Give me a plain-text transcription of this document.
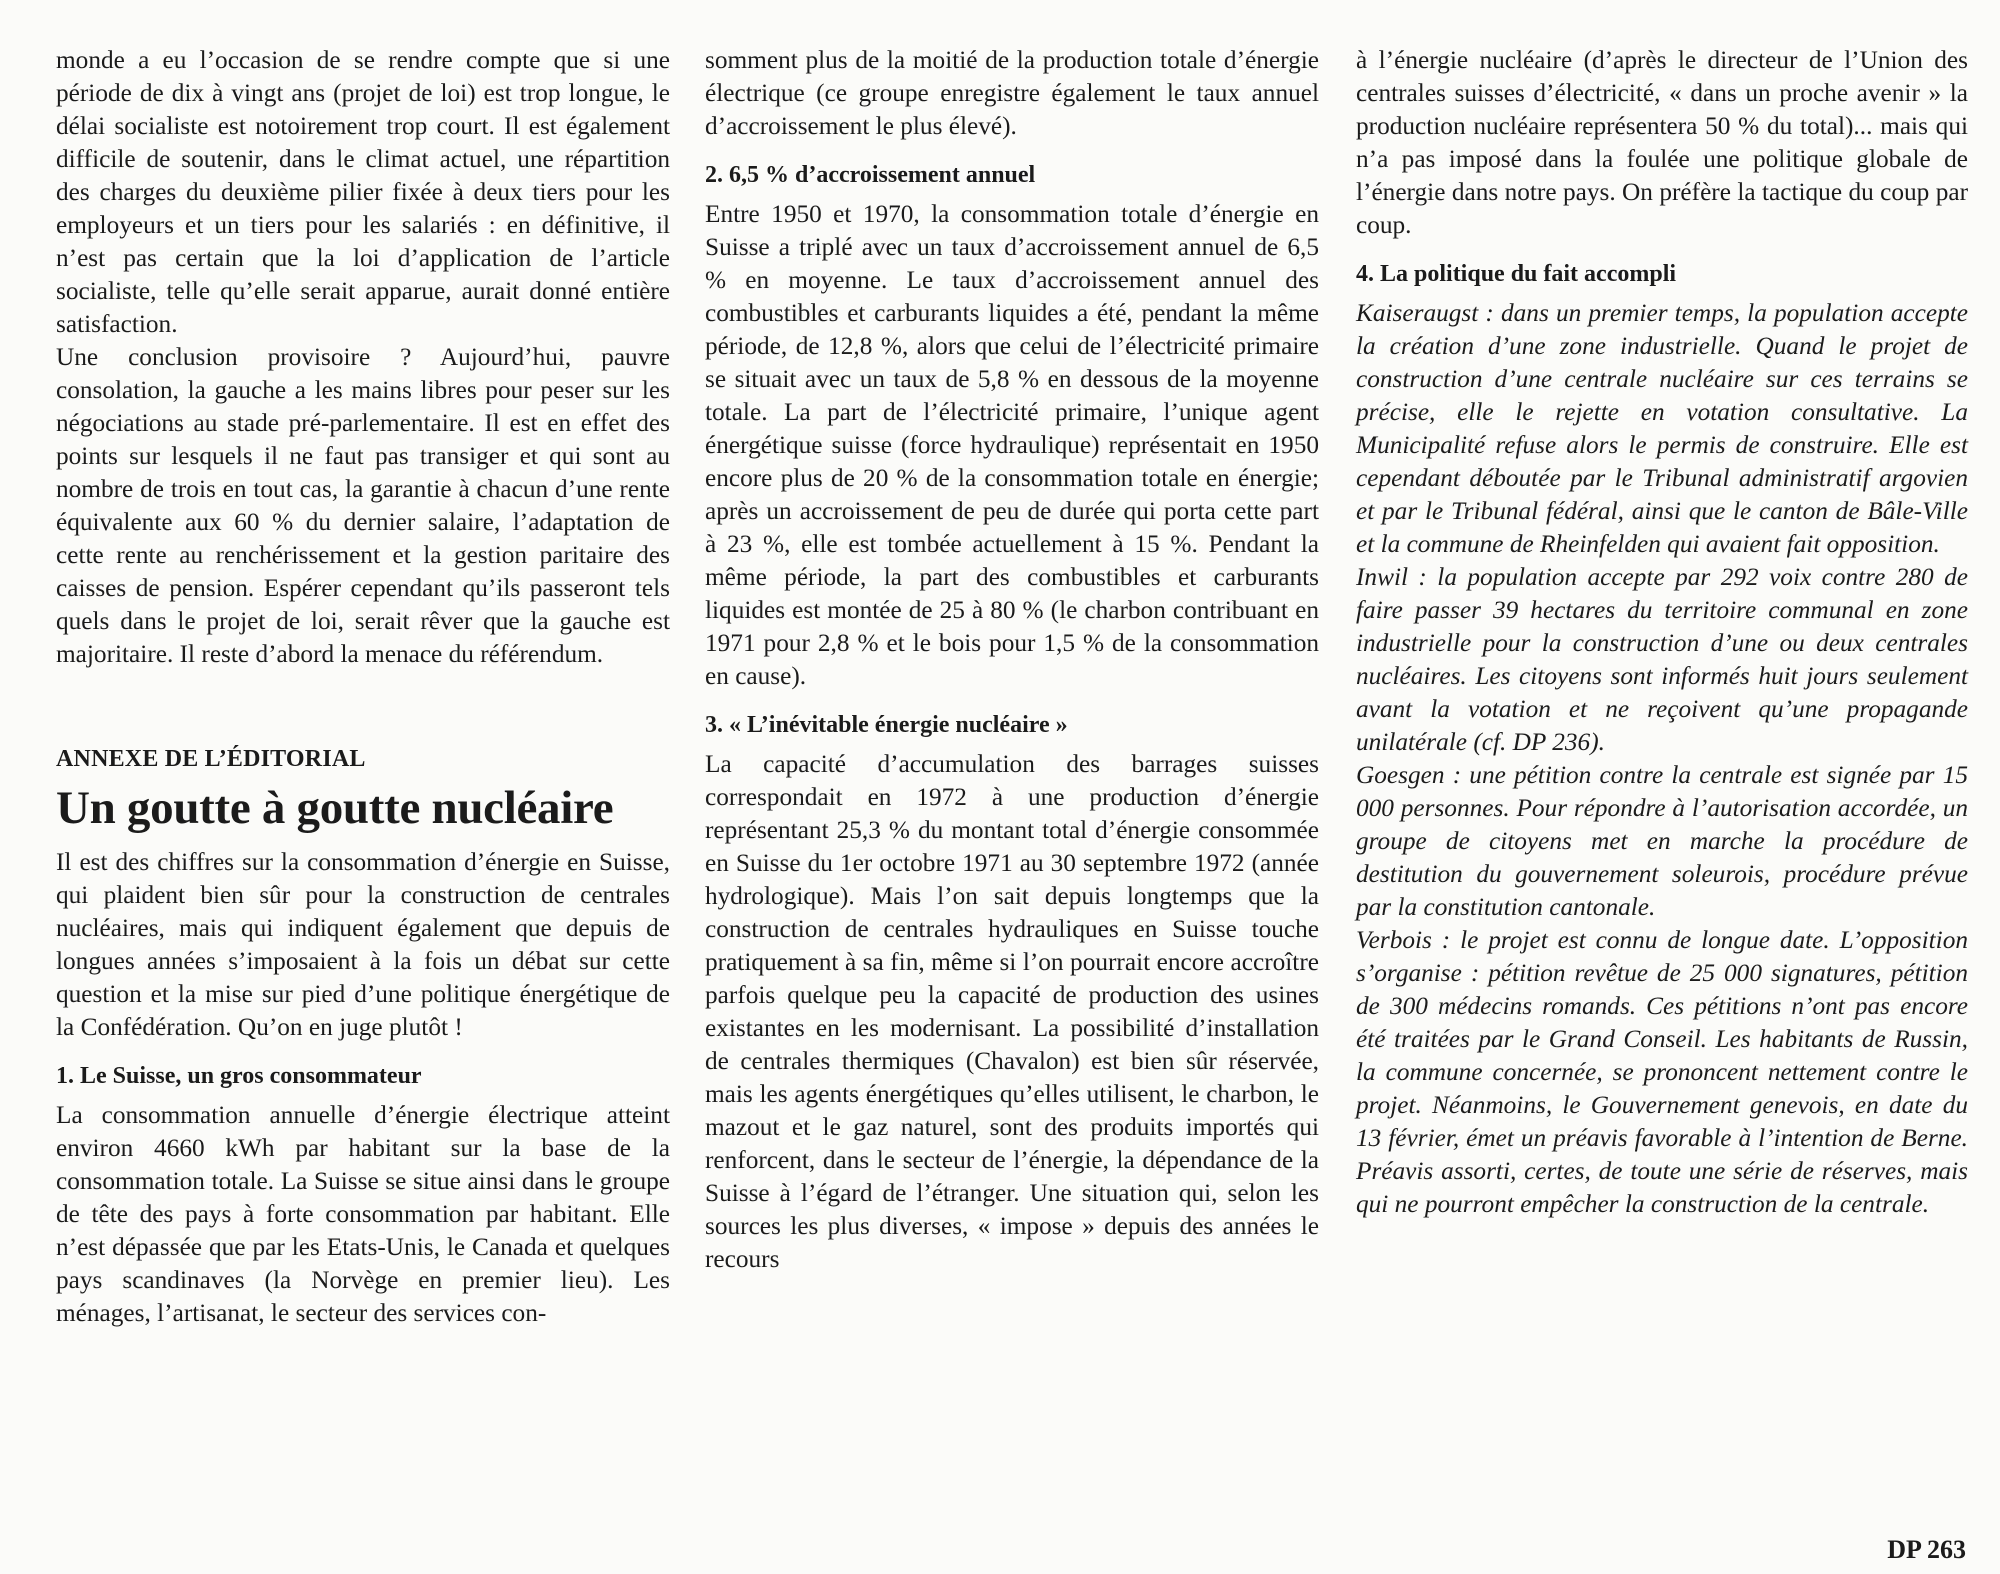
monde a eu l’occasion de se rendre compte que si une période de dix à vingt ans (projet de loi) est trop longue, le délai socialiste est notoirement trop court. Il est également difficile de soutenir, dans le climat actuel, une répartition des charges du deuxième pilier fixée à deux tiers pour les employeurs et un tiers pour les salariés : en définitive, il n’est pas certain que la loi d’application de l’article socialiste, telle qu’elle serait apparue, aurait donné entière satisfaction.

Une conclusion provisoire ? Aujourd’hui, pauvre consolation, la gauche a les mains libres pour peser sur les négociations au stade pré-parlementaire. Il est en effet des points sur lesquels il ne faut pas transiger et qui sont au nombre de trois en tout cas, la garantie à chacun d’une rente équivalente aux 60 % du dernier salaire, l’adaptation de cette rente au renchérissement et la gestion paritaire des caisses de pension. Espérer cependant qu’ils passeront tels quels dans le projet de loi, serait rêver que la gauche est majoritaire. Il reste d’abord la menace du référendum.

ANNEXE DE L’ÉDITORIAL
Un goutte à goutte nucléaire

Il est des chiffres sur la consommation d’énergie en Suisse, qui plaident bien sûr pour la construction de centrales nucléaires, mais qui indiquent également que depuis de longues années s’imposaient à la fois un débat sur cette question et la mise sur pied d’une politique énergétique de la Confédération. Qu’on en juge plutôt !

1. Le Suisse, un gros consommateur

La consommation annuelle d’énergie électrique atteint environ 4660 kWh par habitant sur la base de la consommation totale. La Suisse se situe ainsi dans le groupe de tête des pays à forte consommation par habitant. Elle n’est dépassée que par les Etats-Unis, le Canada et quelques pays scandinaves (la Norvège en premier lieu). Les ménages, l’artisanat, le secteur des services con-

somment plus de la moitié de la production totale d’énergie électrique (ce groupe enregistre également le taux annuel d’accroissement le plus élevé).

2. 6,5 % d’accroissement annuel

Entre 1950 et 1970, la consommation totale d’énergie en Suisse a triplé avec un taux d’accroissement annuel de 6,5 % en moyenne. Le taux d’accroissement annuel des combustibles et carburants liquides a été, pendant la même période, de 12,8 %, alors que celui de l’électricité primaire se situait avec un taux de 5,8 % en dessous de la moyenne totale. La part de l’électricité primaire, l’unique agent énergétique suisse (force hydraulique) représentait en 1950 encore plus de 20 % de la consommation totale en énergie; après un accroissement de peu de durée qui porta cette part à 23 %, elle est tombée actuellement à 15 %. Pendant la même période, la part des combustibles et carburants liquides est montée de 25 à 80 % (le charbon contribuant en 1971 pour 2,8 % et le bois pour 1,5 % de la consommation en cause).

3. « L’inévitable énergie nucléaire »

La capacité d’accumulation des barrages suisses correspondait en 1972 à une production d’énergie représentant 25,3 % du montant total d’énergie consommée en Suisse du 1er octobre 1971 au 30 septembre 1972 (année hydrologique). Mais l’on sait depuis longtemps que la construction de centrales hydrauliques en Suisse touche pratiquement à sa fin, même si l’on pourrait encore accroître parfois quelque peu la capacité de production des usines existantes en les modernisant. La possibilité d’installation de centrales thermiques (Chavalon) est bien sûr réservée, mais les agents énergétiques qu’elles utilisent, le charbon, le mazout et le gaz naturel, sont des produits importés qui renforcent, dans le secteur de l’énergie, la dépendance de la Suisse à l’égard de l’étranger. Une situation qui, selon les sources les plus diverses, « impose » depuis des années le recours

à l’énergie nucléaire (d’après le directeur de l’Union des centrales suisses d’électricité, « dans un proche avenir » la production nucléaire représentera 50 % du total)... mais qui n’a pas imposé dans la foulée une politique globale de l’énergie dans notre pays. On préfère la tactique du coup par coup.

4. La politique du fait accompli

Kaiseraugst : dans un premier temps, la population accepte la création d’une zone industrielle. Quand le projet de construction d’une centrale nucléaire sur ces terrains se précise, elle le rejette en votation consultative. La Municipalité refuse alors le permis de construire. Elle est cependant déboutée par le Tribunal administratif argovien et par le Tribunal fédéral, ainsi que le canton de Bâle-Ville et la commune de Rheinfelden qui avaient fait opposition.

Inwil : la population accepte par 292 voix contre 280 de faire passer 39 hectares du territoire communal en zone industrielle pour la construction d’une ou deux centrales nucléaires. Les citoyens sont informés huit jours seulement avant la votation et ne reçoivent qu’une propagande unilatérale (cf. DP 236).

Goesgen : une pétition contre la centrale est signée par 15 000 personnes. Pour répondre à l’autorisation accordée, un groupe de citoyens met en marche la procédure de destitution du gouvernement soleurois, procédure prévue par la constitution cantonale.

Verbois : le projet est connu de longue date. L’opposition s’organise : pétition revêtue de 25 000 signatures, pétition de 300 médecins romands. Ces pétitions n’ont pas encore été traitées par le Grand Conseil. Les habitants de Russin, la commune concernée, se prononcent nettement contre le projet. Néanmoins, le Gouvernement genevois, en date du 13 février, émet un préavis favorable à l’intention de Berne. Préavis assorti, certes, de toute une série de réserves, mais qui ne pourront empêcher la construction de la centrale.

DP 263
